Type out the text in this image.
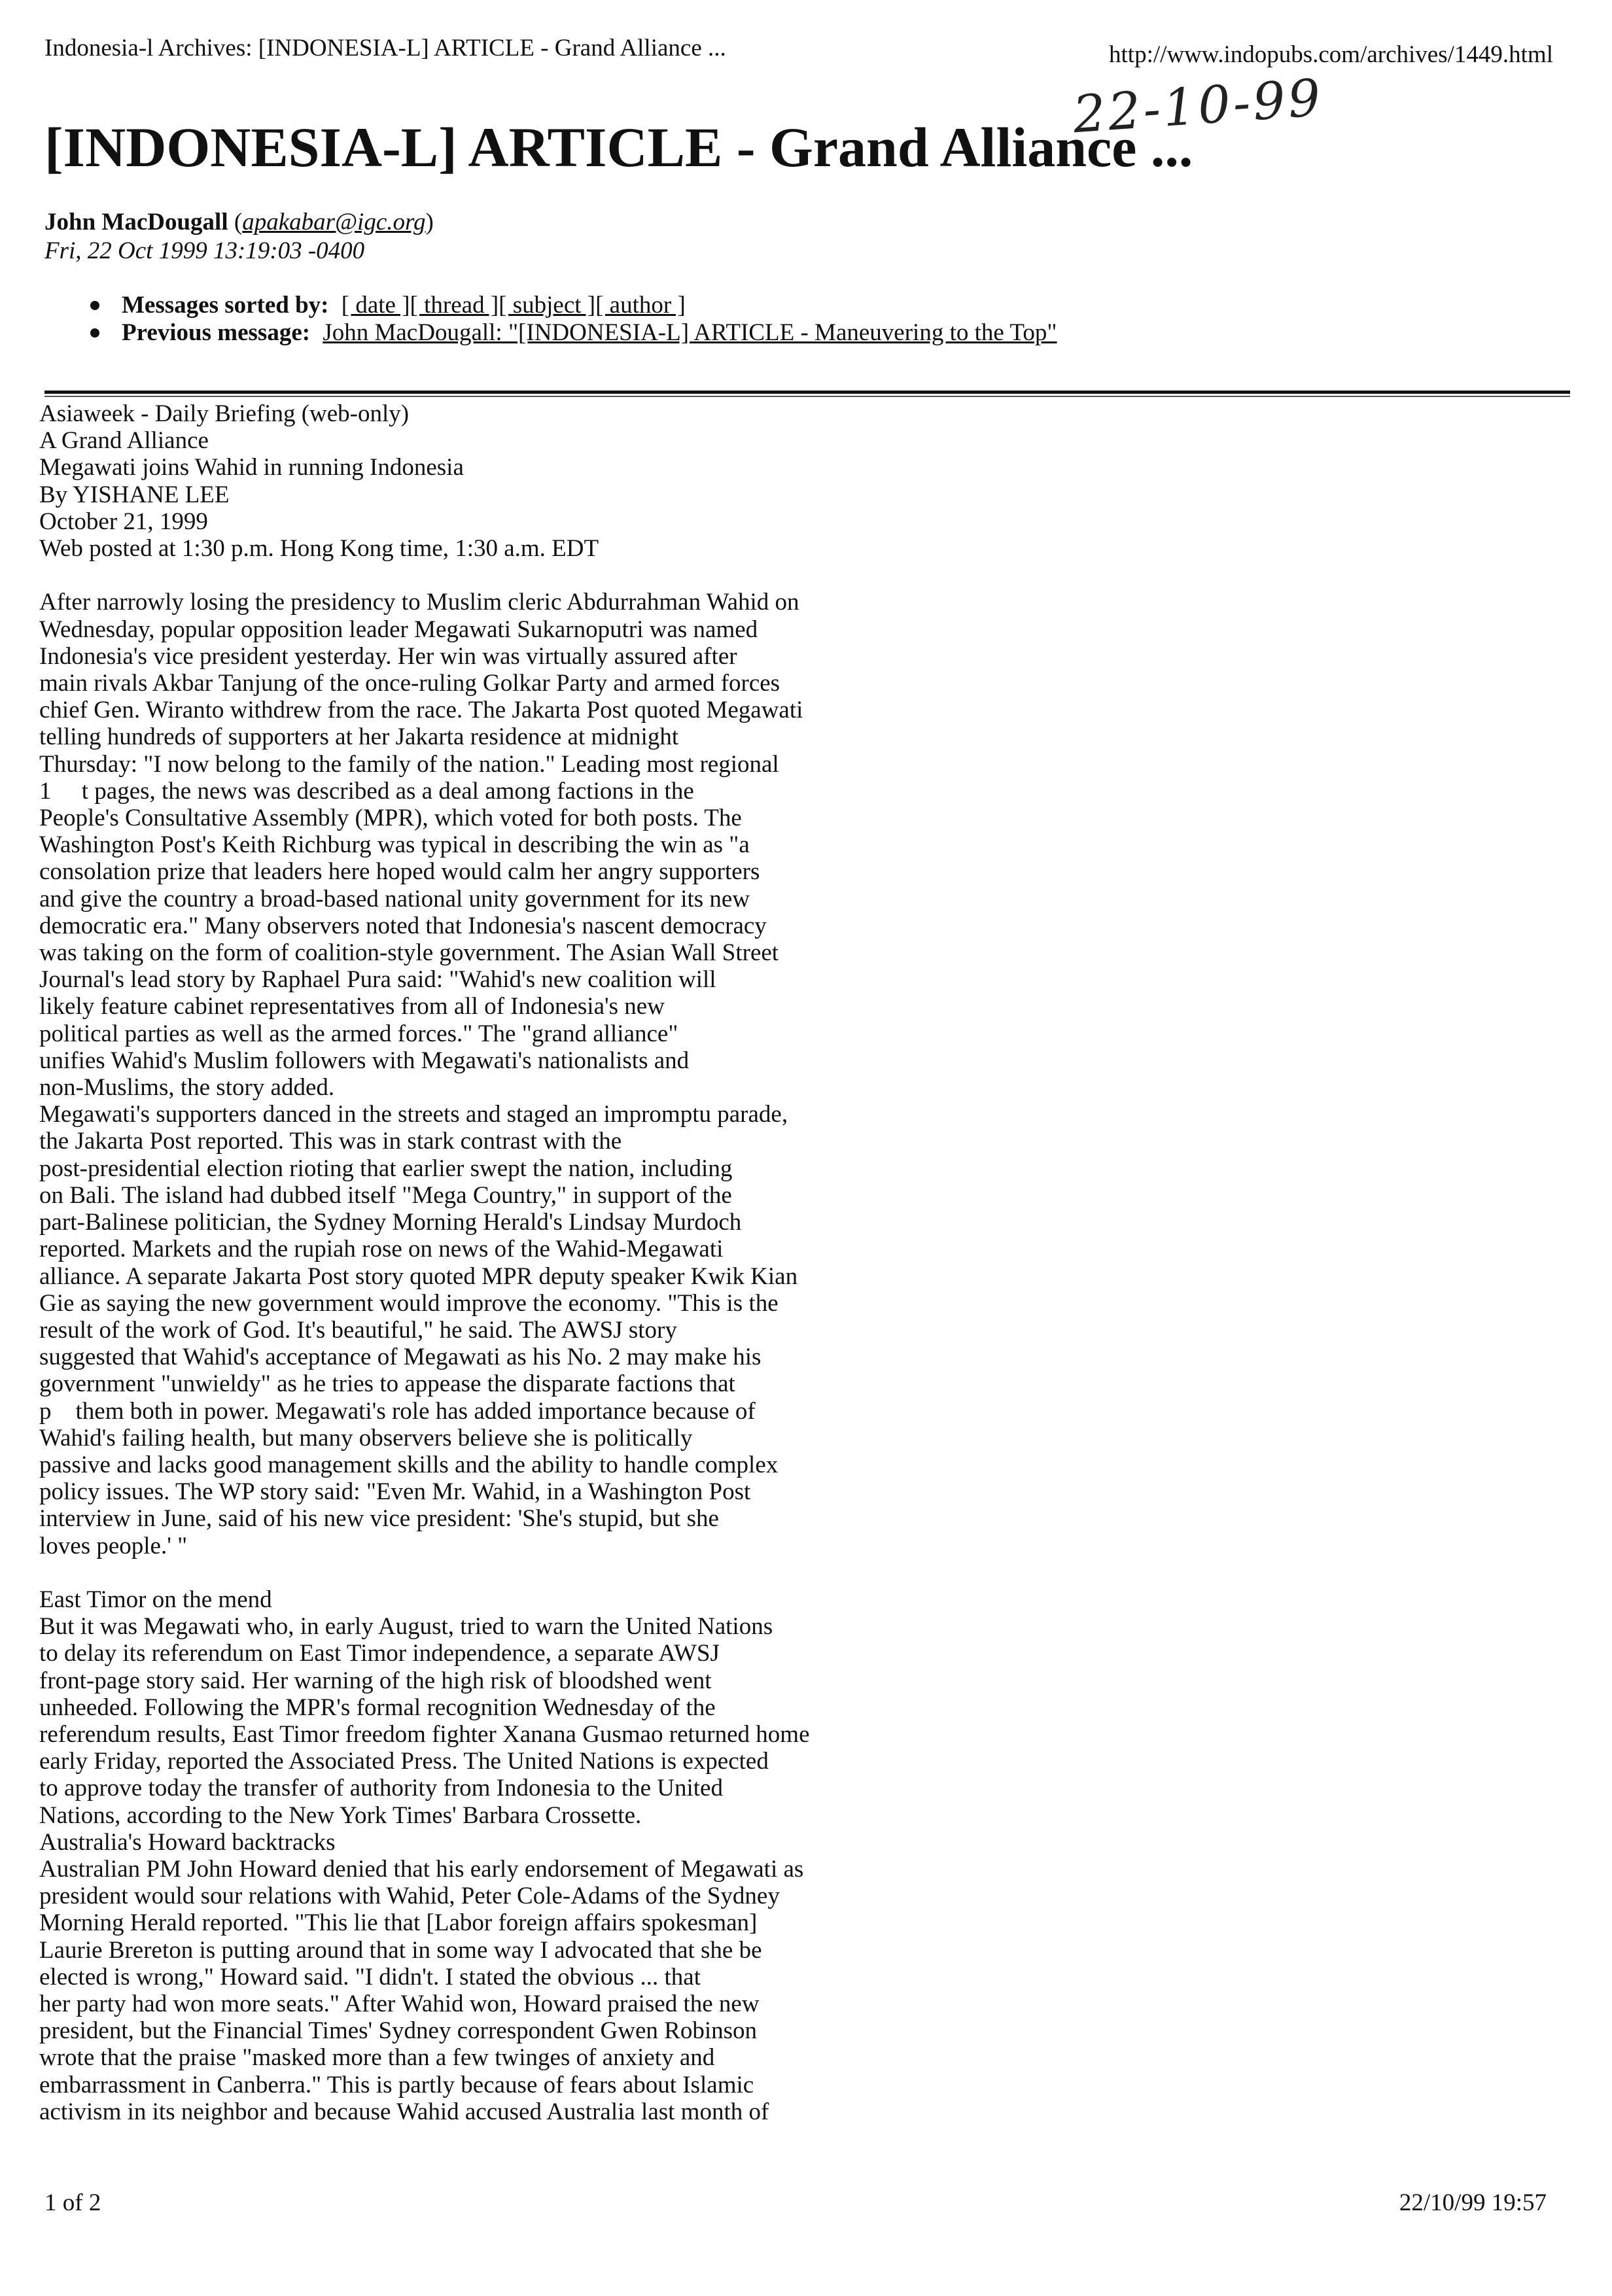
Indonesia-l Archives: [INDONESIA-L] ARTICLE - Grand Alliance ...	http://www.indopubs.com/archives/1449.html
22-10-99
[INDONESIA-L] ARTICLE - Grand Alliance ...
John MacDougall (apakabar@igc.org)
Fri, 22 Oct 1999 13:19:03 -0400
Messages sorted by: [ date ][ thread ][ subject ][ author ]
Previous message: John MacDougall: "[INDONESIA-L] ARTICLE - Maneuvering to the Top"

Asiaweek - Daily Briefing (web-only)

A Grand Alliance

Megawati joins Wahid in running Indonesia

By YISHANE LEE

October 21, 1999

Web posted at 1:30 p.m. Hong Kong time, 1:30 a.m. EDT

After narrowly losing the presidency to Muslim cleric Abdurrahman Wahid on

Wednesday, popular opposition leader Megawati Sukarnoputri was named

Indonesia's vice president yesterday. Her win was virtually assured after

main rivals Akbar Tanjung of the once-ruling Golkar Party and armed forces

chief Gen. Wiranto withdrew from the race. The Jakarta Post quoted Megawati

telling hundreds of supporters at her Jakarta residence at midnight

Thursday: "I now belong to the family of the nation." Leading most regional

1     t pages, the news was described as a deal among factions in the

People's Consultative Assembly (MPR), which voted for both posts. The

Washington Post's Keith Richburg was typical in describing the win as "a

consolation prize that leaders here hoped would calm her angry supporters

and give the country a broad-based national unity government for its new

democratic era." Many observers noted that Indonesia's nascent democracy

was taking on the form of coalition-style government. The Asian Wall Street

Journal's lead story by Raphael Pura said: "Wahid's new coalition will

likely feature cabinet representatives from all of Indonesia's new

political parties as well as the armed forces." The "grand alliance"

unifies Wahid's Muslim followers with Megawati's nationalists and

non-Muslims, the story added.

Megawati's supporters danced in the streets and staged an impromptu parade,

the Jakarta Post reported. This was in stark contrast with the

post-presidential election rioting that earlier swept the nation, including

on Bali. The island had dubbed itself "Mega Country," in support of the

part-Balinese politician, the Sydney Morning Herald's Lindsay Murdoch

reported. Markets and the rupiah rose on news of the Wahid-Megawati

alliance. A separate Jakarta Post story quoted MPR deputy speaker Kwik Kian

Gie as saying the new government would improve the economy. "This is the

result of the work of God. It's beautiful," he said. The AWSJ story

suggested that Wahid's acceptance of Megawati as his No. 2 may make his

government "unwieldy" as he tries to appease the disparate factions that

p    them both in power. Megawati's role has added importance because of

Wahid's failing health, but many observers believe she is politically

passive and lacks good management skills and the ability to handle complex

policy issues. The WP story said: "Even Mr. Wahid, in a Washington Post

interview in June, said of his new vice president: 'She's stupid, but she

loves people.' "

East Timor on the mend

But it was Megawati who, in early August, tried to warn the United Nations

to delay its referendum on East Timor independence, a separate AWSJ

front-page story said. Her warning of the high risk of bloodshed went

unheeded. Following the MPR's formal recognition Wednesday of the

referendum results, East Timor freedom fighter Xanana Gusmao returned home

early Friday, reported the Associated Press. The United Nations is expected

to approve today the transfer of authority from Indonesia to the United

Nations, according to the New York Times' Barbara Crossette.

Australia's Howard backtracks

Australian PM John Howard denied that his early endorsement of Megawati as

president would sour relations with Wahid, Peter Cole-Adams of the Sydney

Morning Herald reported. "This lie that [Labor foreign affairs spokesman]

Laurie Brereton is putting around that in some way I advocated that she be

elected is wrong," Howard said. "I didn't. I stated the obvious ... that

her party had won more seats." After Wahid won, Howard praised the new

president, but the Financial Times' Sydney correspondent Gwen Robinson

wrote that the praise "masked more than a few twinges of anxiety and

embarrassment in Canberra." This is partly because of fears about Islamic

activism in its neighbor and because Wahid accused Australia last month of

1 of 2	22/10/99 19:57
